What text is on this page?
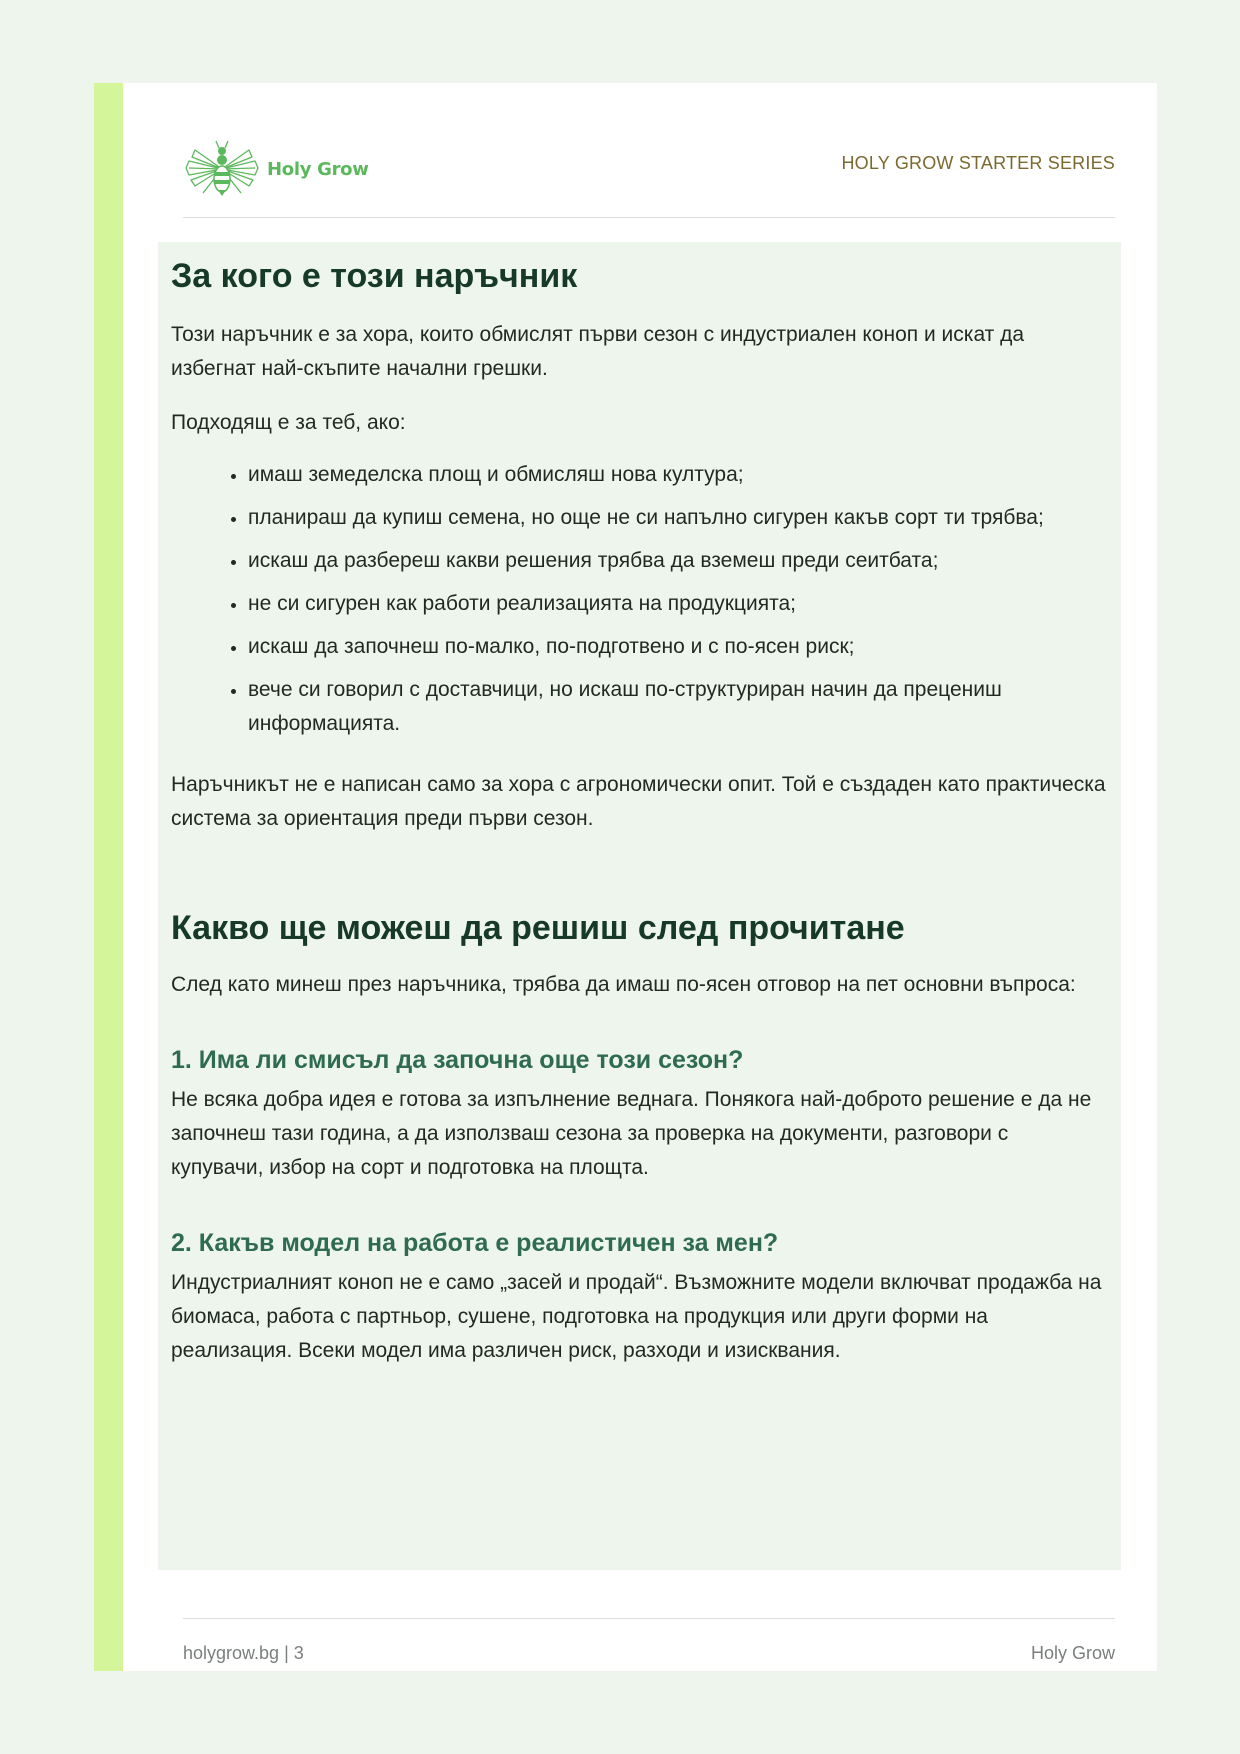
Holy Grow	HOLY GROW STARTER SERIES
За кого е този наръчник

Този наръчник е за хора, които обмислят първи сезон с индустриален коноп и искат да избегнат най-скъпите начални грешки.

Подходящ е за теб, ако:

• имаш земеделска площ и обмисляш нова култура;
• планираш да купиш семена, но още не си напълно сигурен какъв сорт ти трябва;
• искаш да разбереш какви решения трябва да вземеш преди сеитбата;
• не си сигурен как работи реализацията на продукцията;
• искаш да започнеш по-малко, по-подготвено и с по-ясен риск;
• вече си говорил с доставчици, но искаш по-структуриран начин да прецениш информацията.

Наръчникът не е написан само за хора с агрономически опит. Той е създаден като практическа система за ориентация преди първи сезон.

Какво ще можеш да решиш след прочитане

След като минеш през наръчника, трябва да имаш по-ясен отговор на пет основни въпроса:

1. Има ли смисъл да започна още този сезон?

Не всяка добра идея е готова за изпълнение веднага. Понякога най-доброто решение е да не започнеш тази година, а да използваш сезона за проверка на документи, разговори с купувачи, избор на сорт и подготовка на площта.

2. Какъв модел на работа е реалистичен за мен?

Индустриалният коноп не е само „засей и продай“. Възможните модели включват продажба на биомаса, работа с партньор, сушене, подготовка на продукция или други форми на реализация. Всеки модел има различен риск, разходи и изисквания.

holygrow.bg | 3	Holy Grow
